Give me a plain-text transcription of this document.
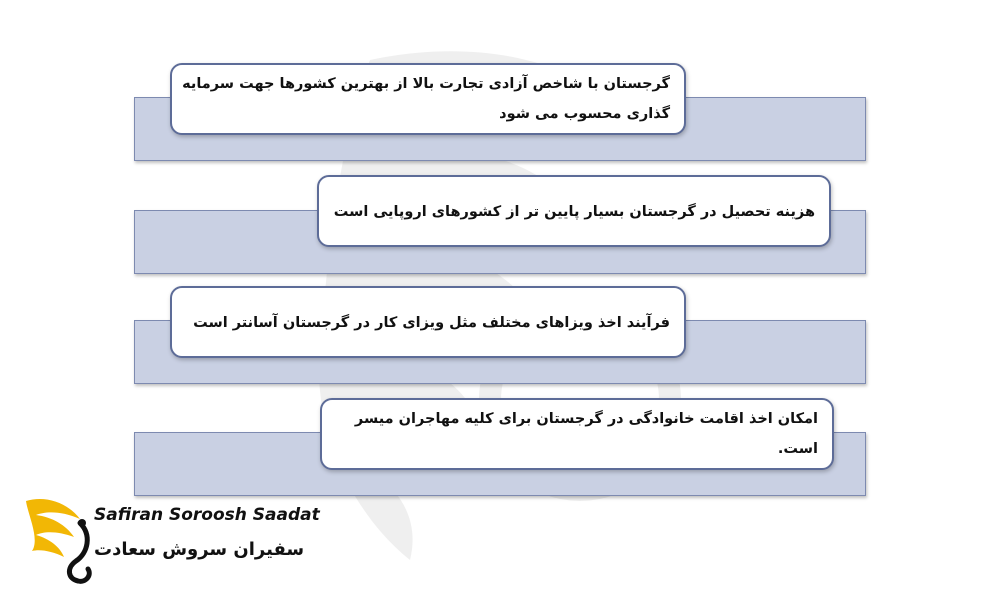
گرجستان با شاخص آزادی تجارت بالا از بهترین کشورها جهت سرمایه گذاری محسوب می شود
هزینه تحصیل در گرجستان بسیار پایین تر از کشورهای اروپایی است
فرآیند اخذ ویزاهای مختلف مثل ویزای کار در گرجستان آسانتر است
امکان اخذ اقامت خانوادگی در گرجستان برای کلیه مهاجران میسر است.
Safiran Soroosh Saadat
سفیران سروش سعادت
